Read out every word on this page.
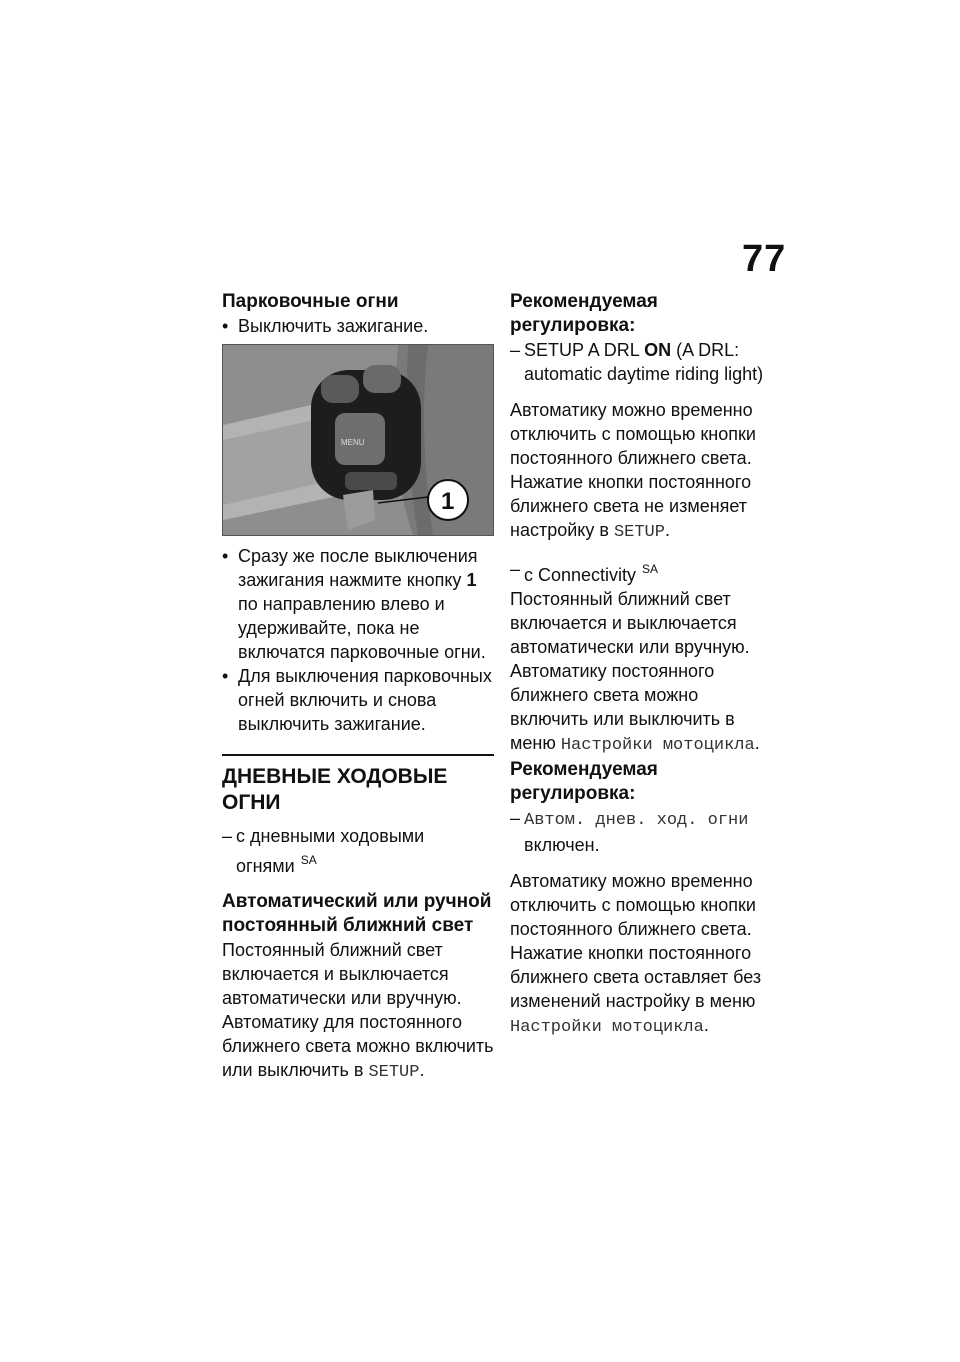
77

Парковочные огни

• Выключить зажигание.

MENU
1

• Сразу же после выключения зажигания нажмите кнопку 1 по направлению влево и удерживайте, пока не включатся парковочные огни.

• Для выключения парковочных огней включить и снова выключить зажигание.

ДНЕВНЫЕ ХОДОВЫЕ
ОГНИ

– с дневными ходовыми огнями $^{SA}$

Автоматический или ручной
постоянный ближний свет

Постоянный ближний свет включается и выключается автоматически или вручную. Автоматику для постоянного ближнего света можно включить или выключить в SETUP.

Рекомендуемая регулировка:

– SETUP A DRL ON (A DRL: automatic daytime riding light)

Автоматику можно временно отключить с помощью кнопки постоянного ближнего света. Нажатие кнопки постоянного ближнего света не изменяет настройку в SETUP.

– с Connectivity $^{SA}$

Постоянный ближний свет включается и выключается автоматически или вручную. Автоматику постоянного ближнего света можно включить или выключить в меню Настройки мотоцикла.

Рекомендуемая регулировка:

– Автом. днев. ход. огни включен.

Автоматику можно временно отключить с помощью кнопки постоянного ближнего света. Нажатие кнопки постоянного ближнего света оставляет без изменений настройку в меню Настройки мотоцикла.
